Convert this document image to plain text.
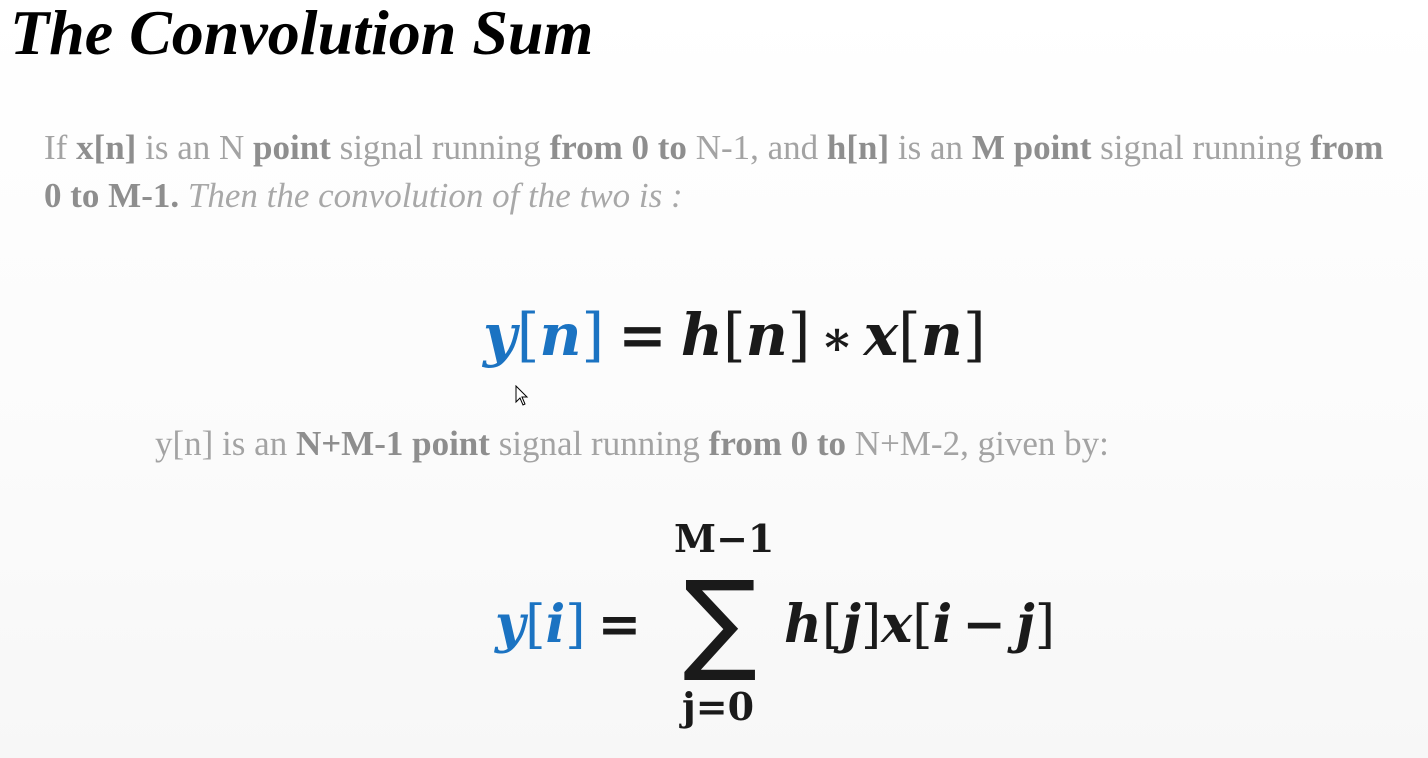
The Convolution Sum

If x[n] is an N point signal running from 0 to N-1, and h[n] is an M point signal running from 0 to M-1. Then the convolution of the two is :

y[n] = h[n] ∗ x[n]

y[n] is an N+M-1 point signal running from 0 to N+M-2, given by:

y[i] =
M−1
∑
j=0
h[j]x[i − j]
